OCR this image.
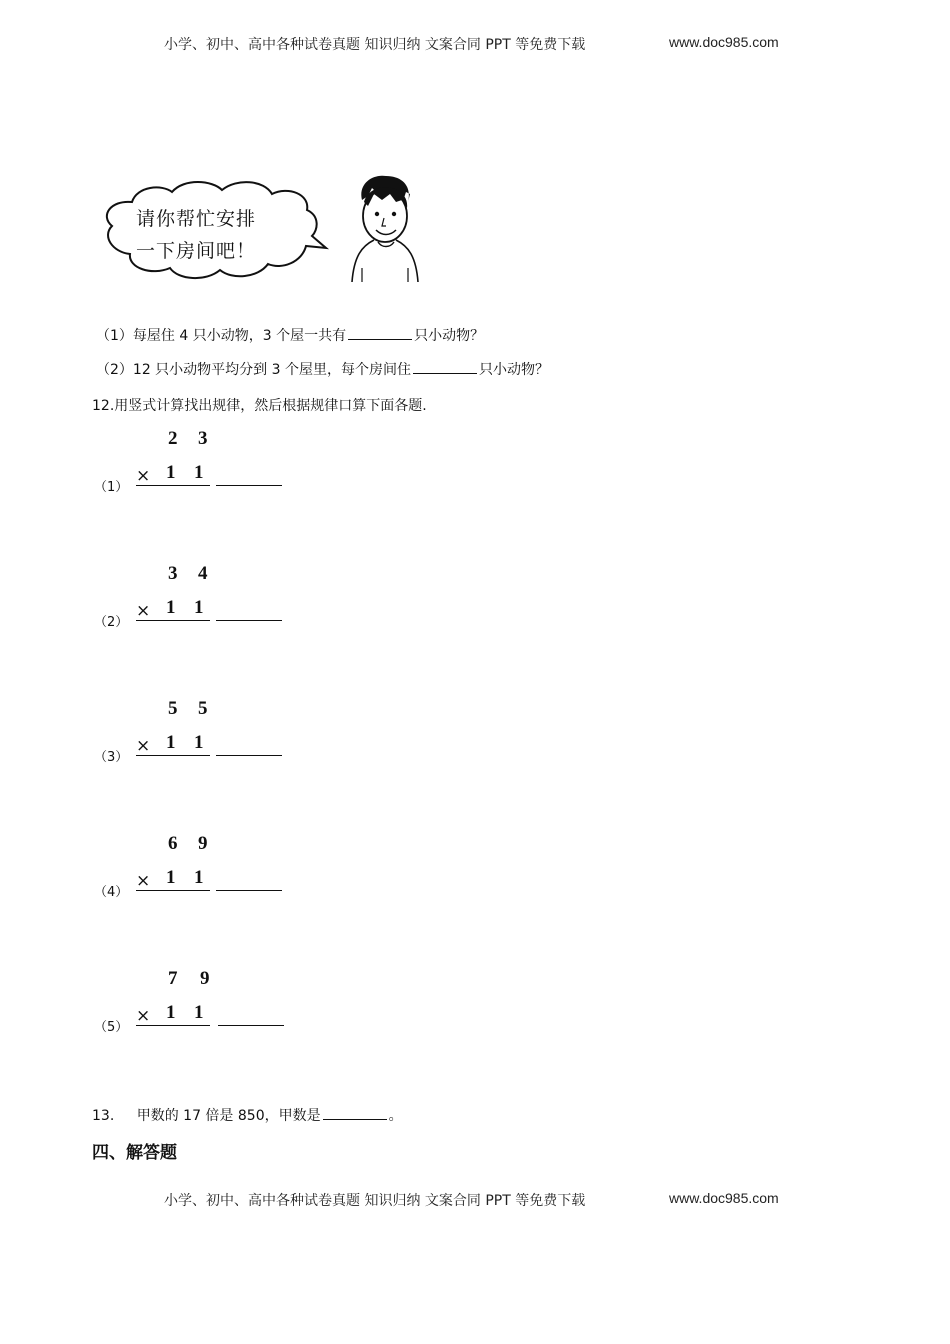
小学、初中、高中各种试卷真题 知识归纳 文案合同 PPT 等免费下载	www.doc985.com
请你帮忙安排
一下房间吧！
（1）每屋住 4 只小动物，3 个屋一共有	只小动物？
（2）12 只小动物平均分到 3 个屋里，每个房间住	只小动物？
12.用竖式计算找出规律，然后根据规律口算下面各题.
（1）
2 3
× 1 1
（2）
3 4
× 1 1
（3）
5 5
× 1 1
（4）
6 9
× 1 1
（5）
7 9
× 1 1
13. 甲数的 17 倍是 850，甲数是	。
四、解答题
小学、初中、高中各种试卷真题 知识归纳 文案合同 PPT 等免费下载	www.doc985.com
